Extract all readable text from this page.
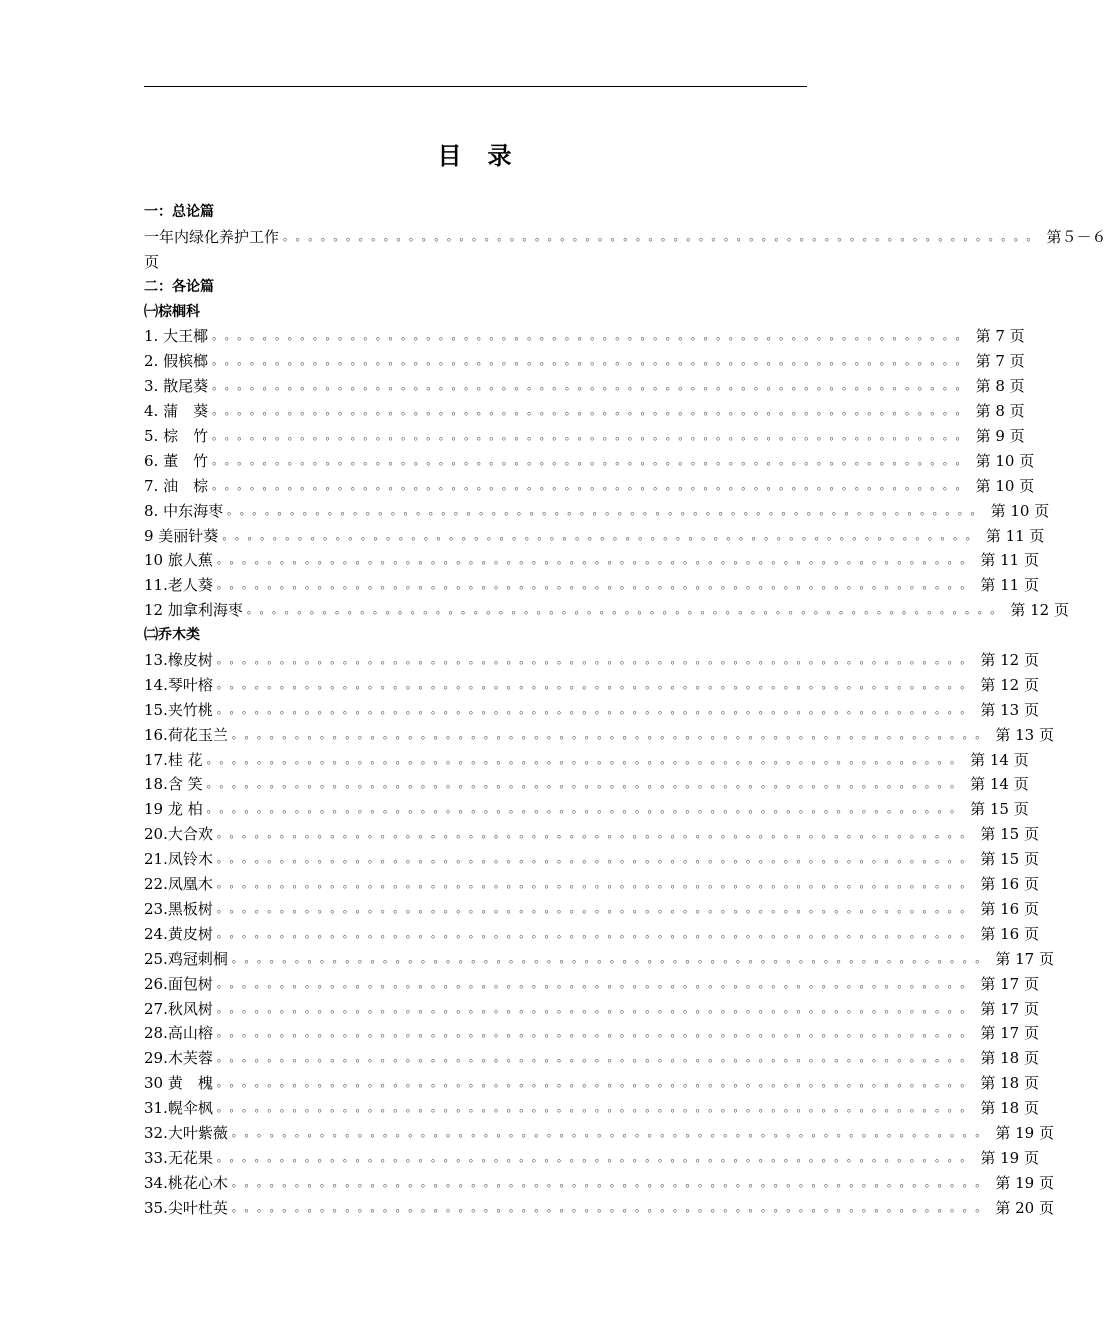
目　录
一：总论篇
一年内绿化养护工作 。。。。。。。。。。。。。。。。。。。。。。。。。。。。。。。。。。。。。。。。。。。。。。。。。。。。。。。。。。。。 第５－６
页
二：各论篇
㈠棕榈科
1. 大王椰 。。。。。。。。。。。。。。。。。。。。。。。。。。。。。。。。。。。。。。。。。。。。。。。。。。。。。。。。。。。。 第 7 页
2. 假槟榔 。。。。。。。。。。。。。。。。。。。。。。。。。。。。。。。。。。。。。。。。。。。。。。。。。。。。。。。。。。。。 第 7 页
3. 散尾葵 。。。。。。。。。。。。。。。。。。。。。。。。。。。。。。。。。。。。。。。。。。。。。。。。。。。。。。。。。。。。 第 8 页
4. 蒲　葵 。。。。。。。。。。。。。。。。。。。。。。。。。。。。。。。。。。。。。。。。。。。。。。。。。。。。。。。。。。。。 第 8 页
5. 棕　竹 。。。。。。。。。。。。。。。。。。。。。。。。。。。。。。。。。。。。。。。。。。。。。。。。。。。。。。。。。。。。 第 9 页
6. 董　竹 。。。。。。。。。。。。。。。。。。。。。。。。。。。。。。。。。。。。。。。。。。。。。。。。。。。。。。。。。。。。 第 10 页
7. 油　棕 。。。。。。。。。。。。。。。。。。。。。。。。。。。。。。。。。。。。。。。。。。。。。。。。。。。。。。。。。。。。 第 10 页
8. 中东海枣 。。。。。。。。。。。。。。。。。。。。。。。。。。。。。。。。。。。。。。。。。。。。。。。。。。。。。。。。。。。。 第 10 页
9 美丽针葵 。。。。。。。。。。。。。。。。。。。。。。。。。。。。。。。。。。。。。。。。。。。。。。。。。。。。。。。。。。。。 第 11 页
10 旅人蕉 。。。。。。。。。。。。。。。。。。。。。。。。。。。。。。。。。。。。。。。。。。。。。。。。。。。。。。。。。。。。 第 11 页
11.老人葵 。。。。。。。。。。。。。。。。。。。。。。。。。。。。。。。。。。。。。。。。。。。。。。。。。。。。。。。。。。。。 第 11 页
12 加拿利海枣 。。。。。。。。。。。。。。。。。。。。。。。。。。。。。。。。。。。。。。。。。。。。。。。。。。。。。。。。。。。。 第 12 页
㈡乔木类
13.橡皮树 。。。。。。。。。。。。。。。。。。。。。。。。。。。。。。。。。。。。。。。。。。。。。。。。。。。。。。。。。。。。 第 12 页
14.琴叶榕 。。。。。。。。。。。。。。。。。。。。。。。。。。。。。。。。。。。。。。。。。。。。。。。。。。。。。。。。。。。。 第 12 页
15.夹竹桃 。。。。。。。。。。。。。。。。。。。。。。。。。。。。。。。。。。。。。。。。。。。。。。。。。。。。。。。。。。。。 第 13 页
16.荷花玉兰 。。。。。。。。。。。。。。。。。。。。。。。。。。。。。。。。。。。。。。。。。。。。。。。。。。。。。。。。。。。。 第 13 页
17.桂 花 。。。。。。。。。。。。。。。。。。。。。。。。。。。。。。。。。。。。。。。。。。。。。。。。。。。。。。。。。。。。 第 14 页
18.含 笑 。。。。。。。。。。。。。。。。。。。。。。。。。。。。。。。。。。。。。。。。。。。。。。。。。。。。。。。。。。。。 第 14 页
19 龙 柏 。。。。。。。。。。。。。。。。。。。。。。。。。。。。。。。。。。。。。。。。。。。。。。。。。。。。。。。。。。。。 第 15 页
20.大合欢 。。。。。。。。。。。。。。。。。。。。。。。。。。。。。。。。。。。。。。。。。。。。。。。。。。。。。。。。。。。。 第 15 页
21.凤铃木 。。。。。。。。。。。。。。。。。。。。。。。。。。。。。。。。。。。。。。。。。。。。。。。。。。。。。。。。。。。。 第 15 页
22.凤凰木 。。。。。。。。。。。。。。。。。。。。。。。。。。。。。。。。。。。。。。。。。。。。。。。。。。。。。。。。。。。。 第 16 页
23.黑板树 。。。。。。。。。。。。。。。。。。。。。。。。。。。。。。。。。。。。。。。。。。。。。。。。。。。。。。。。。。。。 第 16 页
24.黄皮树 。。。。。。。。。。。。。。。。。。。。。。。。。。。。。。。。。。。。。。。。。。。。。。。。。。。。。。。。。。。。 第 16 页
25.鸡冠刺桐 。。。。。。。。。。。。。。。。。。。。。。。。。。。。。。。。。。。。。。。。。。。。。。。。。。。。。。。。。。。。 第 17 页
26.面包树 。。。。。。。。。。。。。。。。。。。。。。。。。。。。。。。。。。。。。。。。。。。。。。。。。。。。。。。。。。。。 第 17 页
27.秋风树 。。。。。。。。。。。。。。。。。。。。。。。。。。。。。。。。。。。。。。。。。。。。。。。。。。。。。。。。。。。。 第 17 页
28.高山榕 。。。。。。。。。。。。。。。。。。。。。。。。。。。。。。。。。。。。。。。。。。。。。。。。。。。。。。。。。。。。 第 17 页
29.木芙蓉 。。。。。。。。。。。。。。。。。。。。。。。。。。。。。。。。。。。。。。。。。。。。。。。。。。。。。。。。。。。。 第 18 页
30 黄　槐 。。。。。。。。。。。。。。。。。。。。。。。。。。。。。。。。。。。。。。。。。。。。。。。。。。。。。。。。。。。。 第 18 页
31.幌伞枫 。。。。。。。。。。。。。。。。。。。。。。。。。。。。。。。。。。。。。。。。。。。。。。。。。。。。。。。。。。。。 第 18 页
32.大叶紫薇 。。。。。。。。。。。。。。。。。。。。。。。。。。。。。。。。。。。。。。。。。。。。。。。。。。。。。。。。。。。。 第 19 页
33.无花果 。。。。。。。。。。。。。。。。。。。。。。。。。。。。。。。。。。。。。。。。。。。。。。。。。。。。。。。。。。。。 第 19 页
34.桃花心木 。。。。。。。。。。。。。。。。。。。。。。。。。。。。。。。。。。。。。。。。。。。。。。。。。。。。。。。。。。。。 第 19 页
35.尖叶杜英 。。。。。。。。。。。。。。。。。。。。。。。。。。。。。。。。。。。。。。。。。。。。。。。。。。。。。。。。。。。。 第 20 页
